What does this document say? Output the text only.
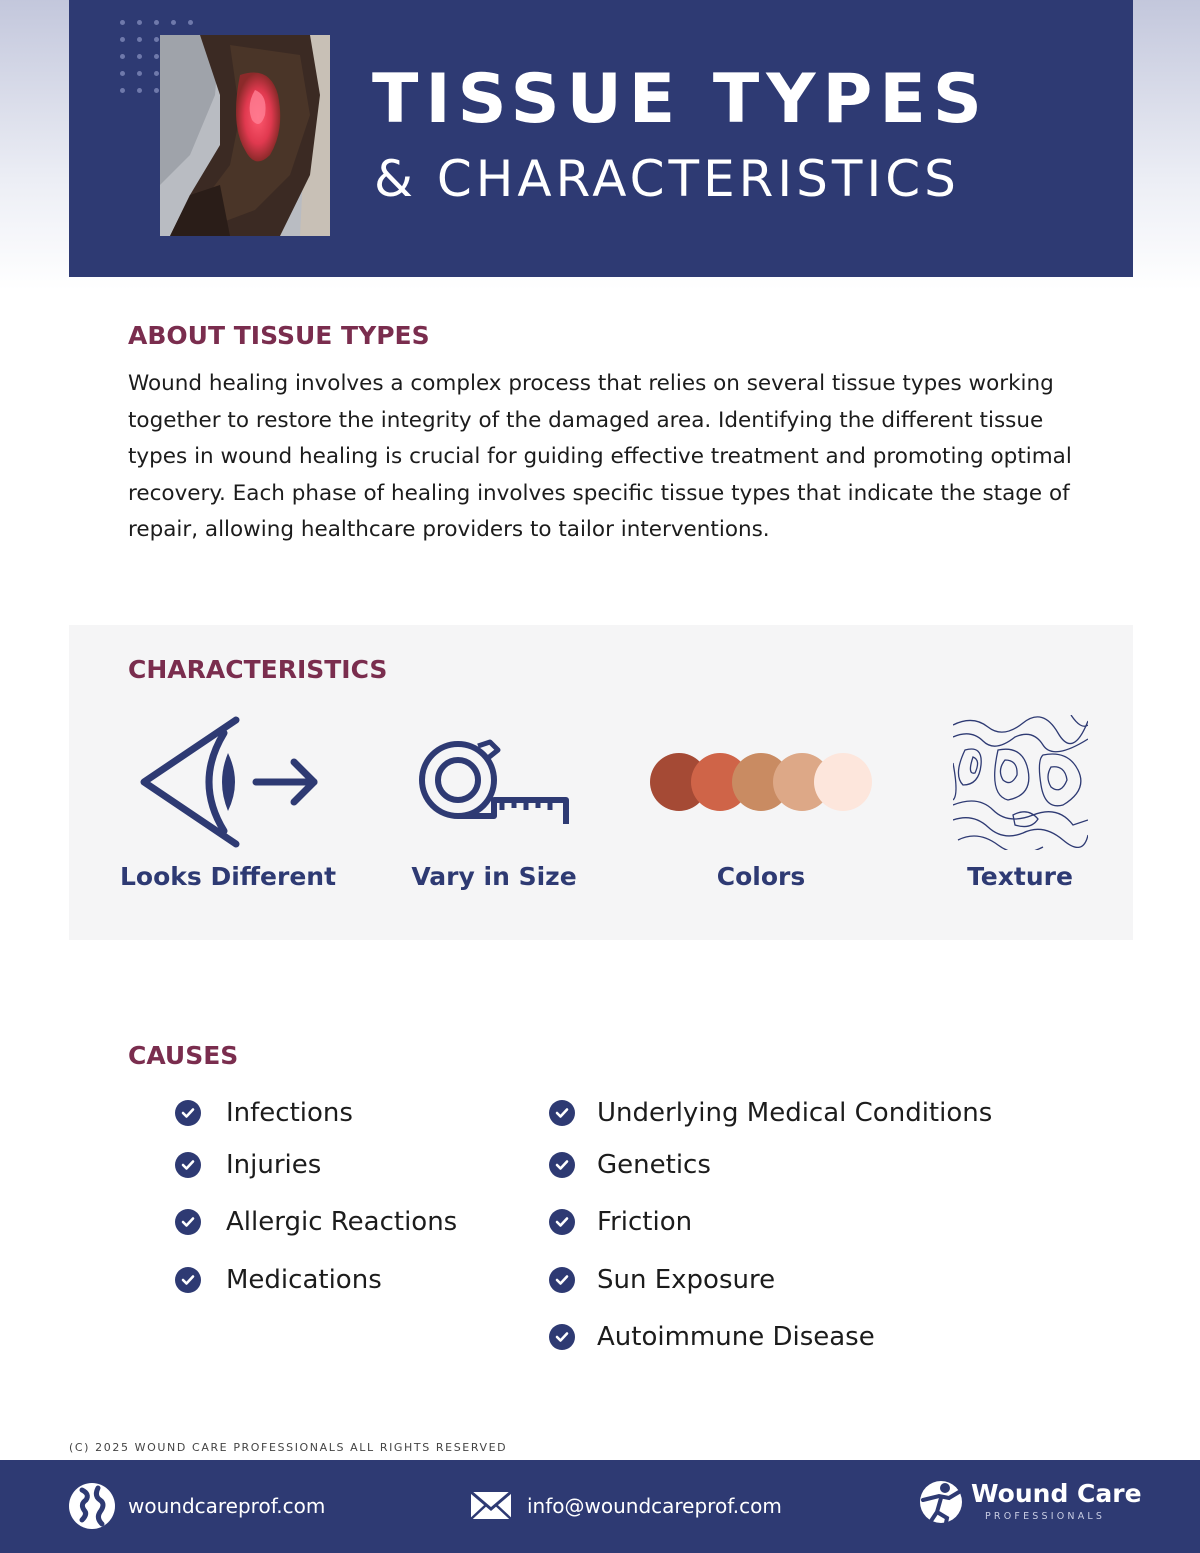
TISSUE TYPES
& CHARACTERISTICS
ABOUT TISSUE TYPES
Wound healing involves a complex process that relies on several tissue types working together to restore the integrity of the damaged area. Identifying the different tissue types in wound healing is crucial for guiding effective treatment and promoting optimal recovery. Each phase of healing involves specific tissue types that indicate the stage of repair, allowing healthcare providers to tailor interventions.
CHARACTERISTICS
Looks Different	Vary in Size	Colors	Texture
CAUSES
Infections
Injuries
Allergic Reactions
Medications
Underlying Medical Conditions
Genetics
Friction
Sun Exposure
Autoimmune Disease
(C) 2025 WOUND CARE PROFESSIONALS ALL RIGHTS RESERVED
woundcareprof.com	info@woundcareprof.com	Wound Care
PROFESSIONALS
